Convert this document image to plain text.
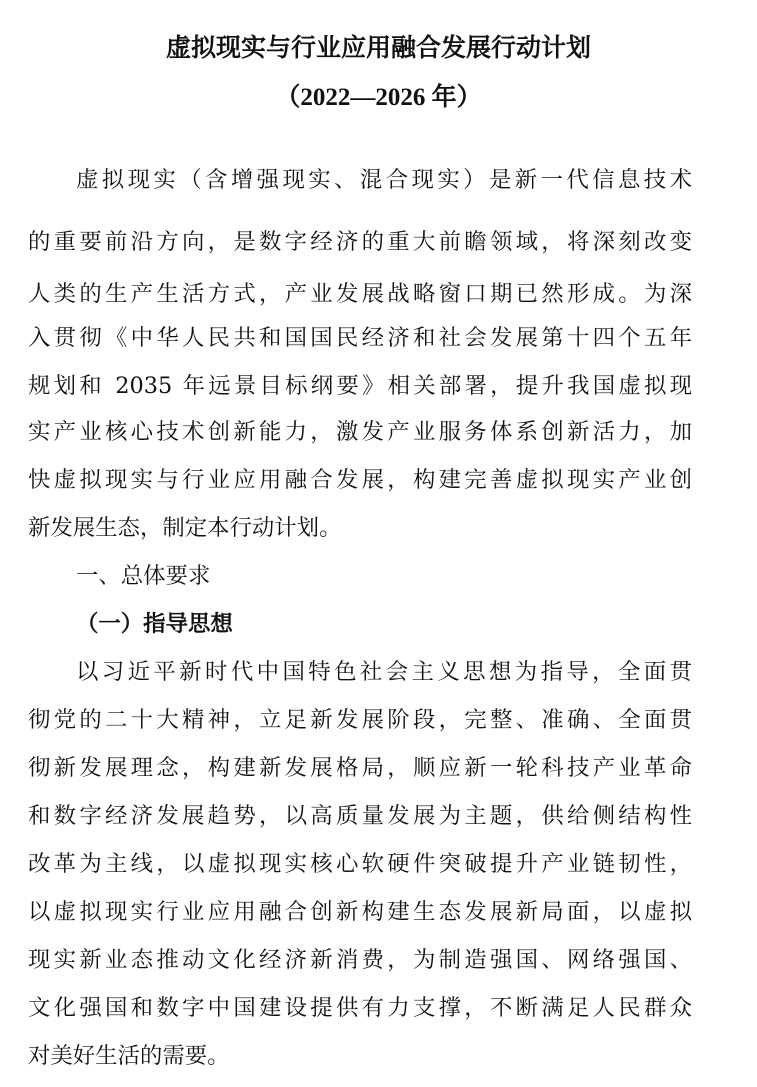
虚拟现实与行业应用融合发展行动计划
（2022—2026 年）
虚拟现实（含增强现实、混合现实）是新一代信息技术
的重要前沿方向，是数字经济的重大前瞻领域，将深刻改变
人类的生产生活方式，产业发展战略窗口期已然形成。为深
入贯彻《中华人民共和国国民经济和社会发展第十四个五年
规划和 2035 年远景目标纲要》相关部署，提升我国虚拟现
实产业核心技术创新能力，激发产业服务体系创新活力，加
快虚拟现实与行业应用融合发展，构建完善虚拟现实产业创
新发展生态，制定本行动计划。
一、总体要求
（一）指导思想
以习近平新时代中国特色社会主义思想为指导，全面贯
彻党的二十大精神，立足新发展阶段，完整、准确、全面贯
彻新发展理念，构建新发展格局，顺应新一轮科技产业革命
和数字经济发展趋势，以高质量发展为主题，供给侧结构性
改革为主线，以虚拟现实核心软硬件突破提升产业链韧性，
以虚拟现实行业应用融合创新构建生态发展新局面，以虚拟
现实新业态推动文化经济新消费，为制造强国、网络强国、
文化强国和数字中国建设提供有力支撑，不断满足人民群众
对美好生活的需要。
